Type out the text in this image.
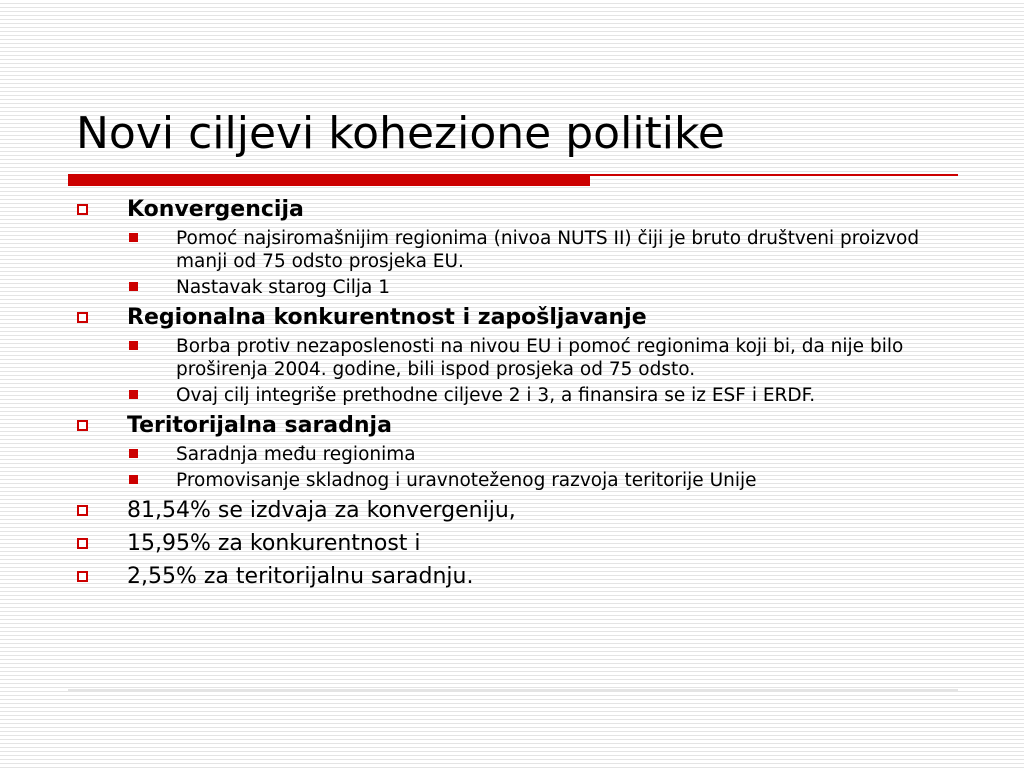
Novi ciljevi kohezione politike
Konvergencija
Pomoć najsiromašnijim regionima (nivoa NUTS II) čiji je bruto društveni proizvod manji od 75 odsto prosjeka EU.
Nastavak starog Cilja 1
Regionalna konkurentnost i zapošljavanje
Borba protiv nezaposlenosti na nivou EU i pomoć regionima koji bi, da nije bilo proširenja 2004. godine, bili ispod prosjeka od 75 odsto.
Ovaj cilj integriše prethodne ciljeve 2 i 3, a finansira se iz ESF i ERDF.
Teritorijalna saradnja
Saradnja među regionima
Promovisanje skladnog i uravnoteženog razvoja teritorije Unije
81,54% se izdvaja za konvergeniju,
15,95% za konkurentnost i
2,55% za teritorijalnu saradnju.
